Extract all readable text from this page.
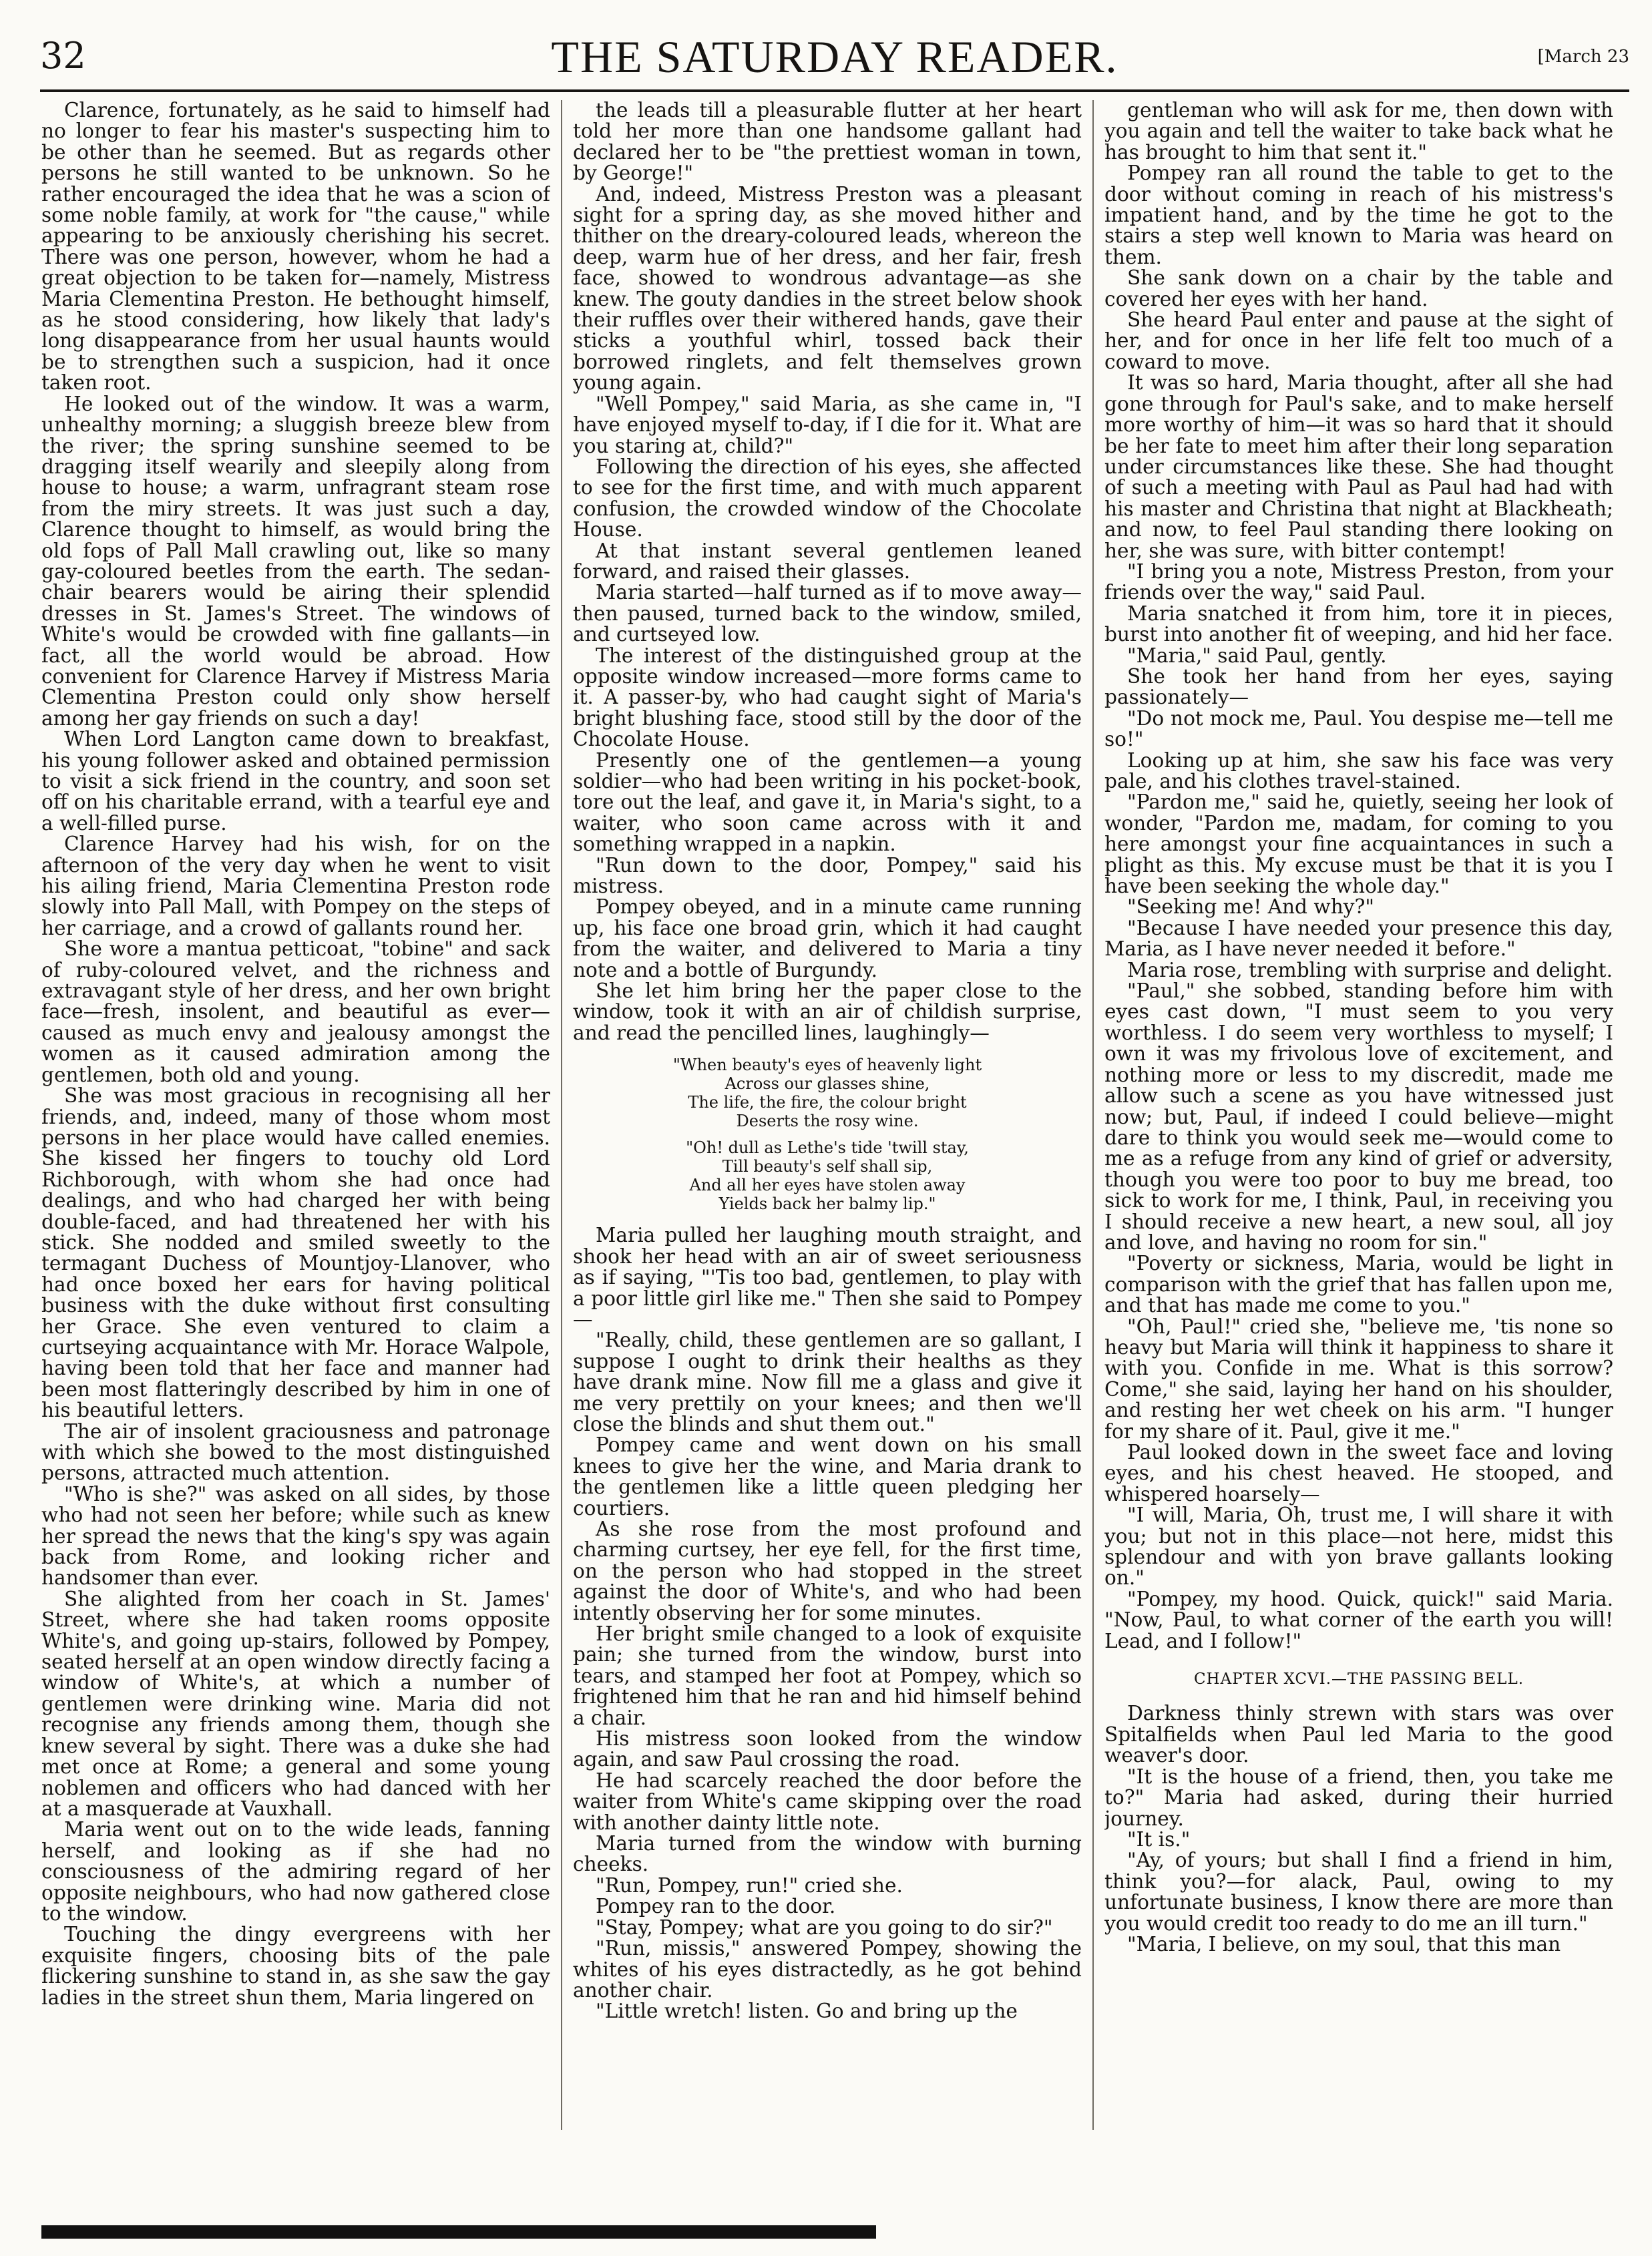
32	THE SATURDAY READER.	[March 23

Clarence, fortunately, as he said to himself had no longer to fear his master's suspecting him to be other than he seemed. But as regards other persons he still wanted to be unknown. So he rather encouraged the idea that he was a scion of some noble family, at work for "the cause," while appearing to be anxiously cherishing his secret. There was one person, however, whom he had a great objection to be taken for—namely, Mistress Maria Clementina Preston. He bethought himself, as he stood considering, how likely that lady's long disappearance from her usual haunts would be to strengthen such a suspicion, had it once taken root.

He looked out of the window. It was a warm, unhealthy morning; a sluggish breeze blew from the river; the spring sunshine seemed to be dragging itself wearily and sleepily along from house to house; a warm, unfragrant steam rose from the miry streets. It was just such a day, Clarence thought to himself, as would bring the old fops of Pall Mall crawling out, like so many gay-coloured beetles from the earth. The sedan-chair bearers would be airing their splendid dresses in St. James's Street. The windows of White's would be crowded with fine gallants—in fact, all the world would be abroad. How convenient for Clarence Harvey if Mistress Maria Clementina Preston could only show herself among her gay friends on such a day!

When Lord Langton came down to breakfast, his young follower asked and obtained permission to visit a sick friend in the country, and soon set off on his charitable errand, with a tearful eye and a well-filled purse.

Clarence Harvey had his wish, for on the afternoon of the very day when he went to visit his ailing friend, Maria Clementina Preston rode slowly into Pall Mall, with Pompey on the steps of her carriage, and a crowd of gallants round her.

She wore a mantua petticoat, "tobine" and sack of ruby-coloured velvet, and the richness and extravagant style of her dress, and her own bright face—fresh, insolent, and beautiful as ever—caused as much envy and jealousy amongst the women as it caused admiration among the gentlemen, both old and young.

She was most gracious in recognising all her friends, and, indeed, many of those whom most persons in her place would have called enemies. She kissed her fingers to touchy old Lord Richborough, with whom she had once had dealings, and who had charged her with being double-faced, and had threatened her with his stick. She nodded and smiled sweetly to the termagant Duchess of Mountjoy-Llanover, who had once boxed her ears for having political business with the duke without first consulting her Grace. She even ventured to claim a curtseying acquaintance with Mr. Horace Walpole, having been told that her face and manner had been most flatteringly described by him in one of his beautiful letters.

The air of insolent graciousness and patronage with which she bowed to the most distinguished persons, attracted much attention.

"Who is she?" was asked on all sides, by those who had not seen her before; while such as knew her spread the news that the king's spy was again back from Rome, and looking richer and handsomer than ever.

She alighted from her coach in St. James' Street, where she had taken rooms opposite White's, and going up-stairs, followed by Pompey, seated herself at an open window directly facing a window of White's, at which a number of gentlemen were drinking wine. Maria did not recognise any friends among them, though she knew several by sight. There was a duke she had met once at Rome; a general and some young noblemen and officers who had danced with her at a masquerade at Vauxhall.

Maria went out on to the wide leads, fanning herself, and looking as if she had no consciousness of the admiring regard of her opposite neighbours, who had now gathered close to the window.

Touching the dingy evergreens with her exquisite fingers, choosing bits of the pale flickering sunshine to stand in, as she saw the gay ladies in the street shun them, Maria lingered on

the leads till a pleasurable flutter at her heart told her more than one handsome gallant had declared her to be "the prettiest woman in town, by George!"

And, indeed, Mistress Preston was a pleasant sight for a spring day, as she moved hither and thither on the dreary-coloured leads, whereon the deep, warm hue of her dress, and her fair, fresh face, showed to wondrous advantage—as she knew. The gouty dandies in the street below shook their ruffles over their withered hands, gave their sticks a youthful whirl, tossed back their borrowed ringlets, and felt themselves grown young again.

"Well Pompey," said Maria, as she came in, "I have enjoyed myself to-day, if I die for it. What are you staring at, child?"

Following the direction of his eyes, she affected to see for the first time, and with much apparent confusion, the crowded window of the Chocolate House.

At that instant several gentlemen leaned forward, and raised their glasses.

Maria started—half turned as if to move away—then paused, turned back to the window, smiled, and curtseyed low.

The interest of the distinguished group at the opposite window increased—more forms came to it. A passer-by, who had caught sight of Maria's bright blushing face, stood still by the door of the Chocolate House.

Presently one of the gentlemen—a young soldier—who had been writing in his pocket-book, tore out the leaf, and gave it, in Maria's sight, to a waiter, who soon came across with it and something wrapped in a napkin.

"Run down to the door, Pompey," said his mistress.

Pompey obeyed, and in a minute came running up, his face one broad grin, which it had caught from the waiter, and delivered to Maria a tiny note and a bottle of Burgundy.

She let him bring her the paper close to the window, took it with an air of childish surprise, and read the pencilled lines, laughingly—

"When beauty's eyes of heavenly light
Across our glasses shine,
The life, the fire, the colour bright
Deserts the rosy wine.
"Oh! dull as Lethe's tide 'twill stay,
Till beauty's self shall sip,
And all her eyes have stolen away
Yields back her balmy lip."

Maria pulled her laughing mouth straight, and shook her head with an air of sweet seriousness as if saying, "'Tis too bad, gentlemen, to play with a poor little girl like me." Then she said to Pompey—

"Really, child, these gentlemen are so gallant, I suppose I ought to drink their healths as they have drank mine. Now fill me a glass and give it me very prettily on your knees; and then we'll close the blinds and shut them out."

Pompey came and went down on his small knees to give her the wine, and Maria drank to the gentlemen like a little queen pledging her courtiers.

As she rose from the most profound and charming curtsey, her eye fell, for the first time, on the person who had stopped in the street against the door of White's, and who had been intently observing her for some minutes.

Her bright smile changed to a look of exquisite pain; she turned from the window, burst into tears, and stamped her foot at Pompey, which so frightened him that he ran and hid himself behind a chair.

His mistress soon looked from the window again, and saw Paul crossing the road.

He had scarcely reached the door before the waiter from White's came skipping over the road with another dainty little note.

Maria turned from the window with burning cheeks.

"Run, Pompey, run!" cried she.

Pompey ran to the door.

"Stay, Pompey; what are you going to do sir?"

"Run, missis," answered Pompey, showing the whites of his eyes distractedly, as he got behind another chair.

"Little wretch! listen. Go and bring up the

gentleman who will ask for me, then down with you again and tell the waiter to take back what he has brought to him that sent it."

Pompey ran all round the table to get to the door without coming in reach of his mistress's impatient hand, and by the time he got to the stairs a step well known to Maria was heard on them.

She sank down on a chair by the table and covered her eyes with her hand.

She heard Paul enter and pause at the sight of her, and for once in her life felt too much of a coward to move.

It was so hard, Maria thought, after all she had gone through for Paul's sake, and to make herself more worthy of him—it was so hard that it should be her fate to meet him after their long separation under circumstances like these. She had thought of such a meeting with Paul as Paul had had with his master and Christina that night at Blackheath; and now, to feel Paul standing there looking on her, she was sure, with bitter contempt!

"I bring you a note, Mistress Preston, from your friends over the way," said Paul.

Maria snatched it from him, tore it in pieces, burst into another fit of weeping, and hid her face.

"Maria," said Paul, gently.

She took her hand from her eyes, saying passionately—

"Do not mock me, Paul. You despise me—tell me so!"

Looking up at him, she saw his face was very pale, and his clothes travel-stained.

"Pardon me," said he, quietly, seeing her look of wonder, "Pardon me, madam, for coming to you here amongst your fine acquaintances in such a plight as this. My excuse must be that it is you I have been seeking the whole day."

"Seeking me! And why?"

"Because I have needed your presence this day, Maria, as I have never needed it before."

Maria rose, trembling with surprise and delight.

"Paul," she sobbed, standing before him with eyes cast down, "I must seem to you very worthless. I do seem very worthless to myself; I own it was my frivolous love of excitement, and nothing more or less to my discredit, made me allow such a scene as you have witnessed just now; but, Paul, if indeed I could believe—might dare to think you would seek me—would come to me as a refuge from any kind of grief or adversity, though you were too poor to buy me bread, too sick to work for me, I think, Paul, in receiving you I should receive a new heart, a new soul, all joy and love, and having no room for sin."

"Poverty or sickness, Maria, would be light in comparison with the grief that has fallen upon me, and that has made me come to you."

"Oh, Paul!" cried she, "believe me, 'tis none so heavy but Maria will think it happiness to share it with you. Confide in me. What is this sorrow? Come," she said, laying her hand on his shoulder, and resting her wet cheek on his arm. "I hunger for my share of it. Paul, give it me."

Paul looked down in the sweet face and loving eyes, and his chest heaved. He stooped, and whispered hoarsely—

"I will, Maria, Oh, trust me, I will share it with you; but not in this place—not here, midst this splendour and with yon brave gallants looking on."

"Pompey, my hood. Quick, quick!" said Maria. "Now, Paul, to what corner of the earth you will! Lead, and I follow!"

CHAPTER XCVI.—THE PASSING BELL.

Darkness thinly strewn with stars was over Spitalfields when Paul led Maria to the good weaver's door.

"It is the house of a friend, then, you take me to?" Maria had asked, during their hurried journey.

"It is."

"Ay, of yours; but shall I find a friend in him, think you?—for alack, Paul, owing to my unfortunate business, I know there are more than you would credit too ready to do me an ill turn."

"Maria, I believe, on my soul, that this man
